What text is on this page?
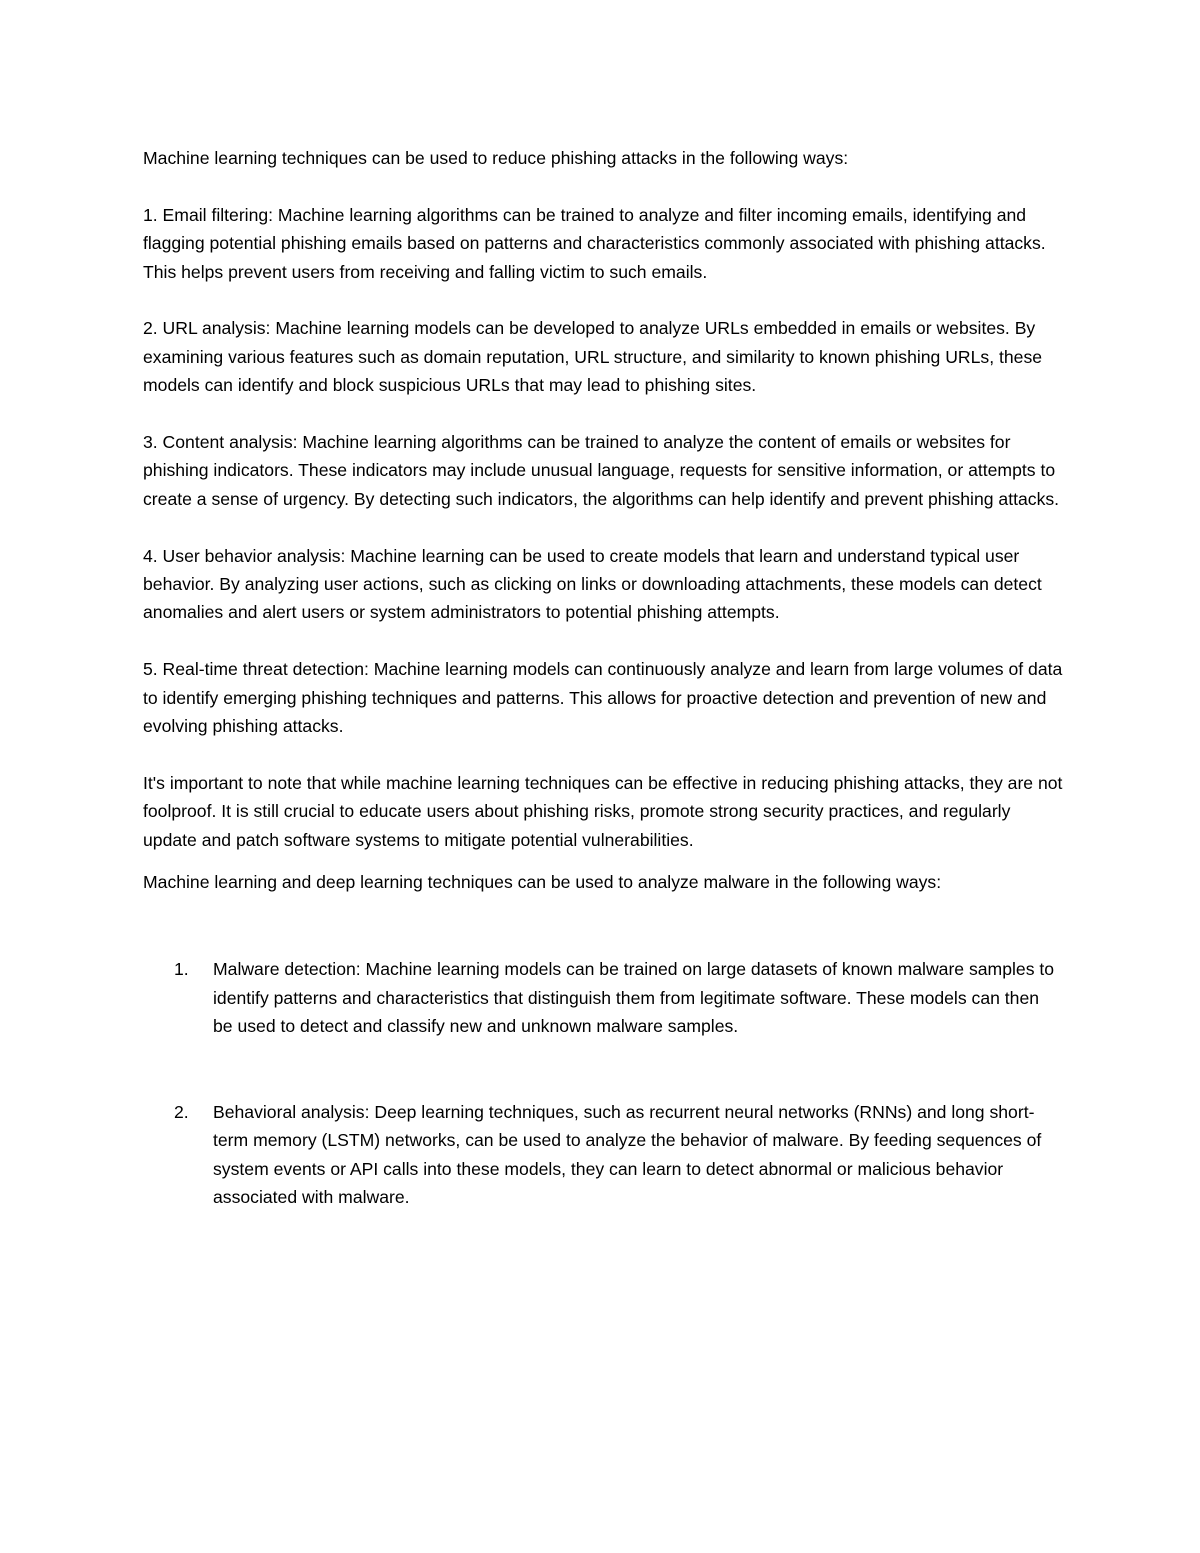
Machine learning techniques can be used to reduce phishing attacks in the following ways:

1. Email filtering: Machine learning algorithms can be trained to analyze and filter incoming emails, identifying and flagging potential phishing emails based on patterns and characteristics commonly associated with phishing attacks. This helps prevent users from receiving and falling victim to such emails.

2. URL analysis: Machine learning models can be developed to analyze URLs embedded in emails or websites. By examining various features such as domain reputation, URL structure, and similarity to known phishing URLs, these models can identify and block suspicious URLs that may lead to phishing sites.

3. Content analysis: Machine learning algorithms can be trained to analyze the content of emails or websites for phishing indicators. These indicators may include unusual language, requests for sensitive information, or attempts to create a sense of urgency. By detecting such indicators, the algorithms can help identify and prevent phishing attacks.

4. User behavior analysis: Machine learning can be used to create models that learn and understand typical user behavior. By analyzing user actions, such as clicking on links or downloading attachments, these models can detect anomalies and alert users or system administrators to potential phishing attempts.

5. Real-time threat detection: Machine learning models can continuously analyze and learn from large volumes of data to identify emerging phishing techniques and patterns. This allows for proactive detection and prevention of new and evolving phishing attacks.

It's important to note that while machine learning techniques can be effective in reducing phishing attacks, they are not foolproof. It is still crucial to educate users about phishing risks, promote strong security practices, and regularly update and patch software systems to mitigate potential vulnerabilities.

Machine learning and deep learning techniques can be used to analyze malware in the following ways:

1. Malware detection: Machine learning models can be trained on large datasets of known malware samples to identify patterns and characteristics that distinguish them from legitimate software. These models can then be used to detect and classify new and unknown malware samples.

2. Behavioral analysis: Deep learning techniques, such as recurrent neural networks (RNNs) and long short-term memory (LSTM) networks, can be used to analyze the behavior of malware. By feeding sequences of system events or API calls into these models, they can learn to detect abnormal or malicious behavior associated with malware.
